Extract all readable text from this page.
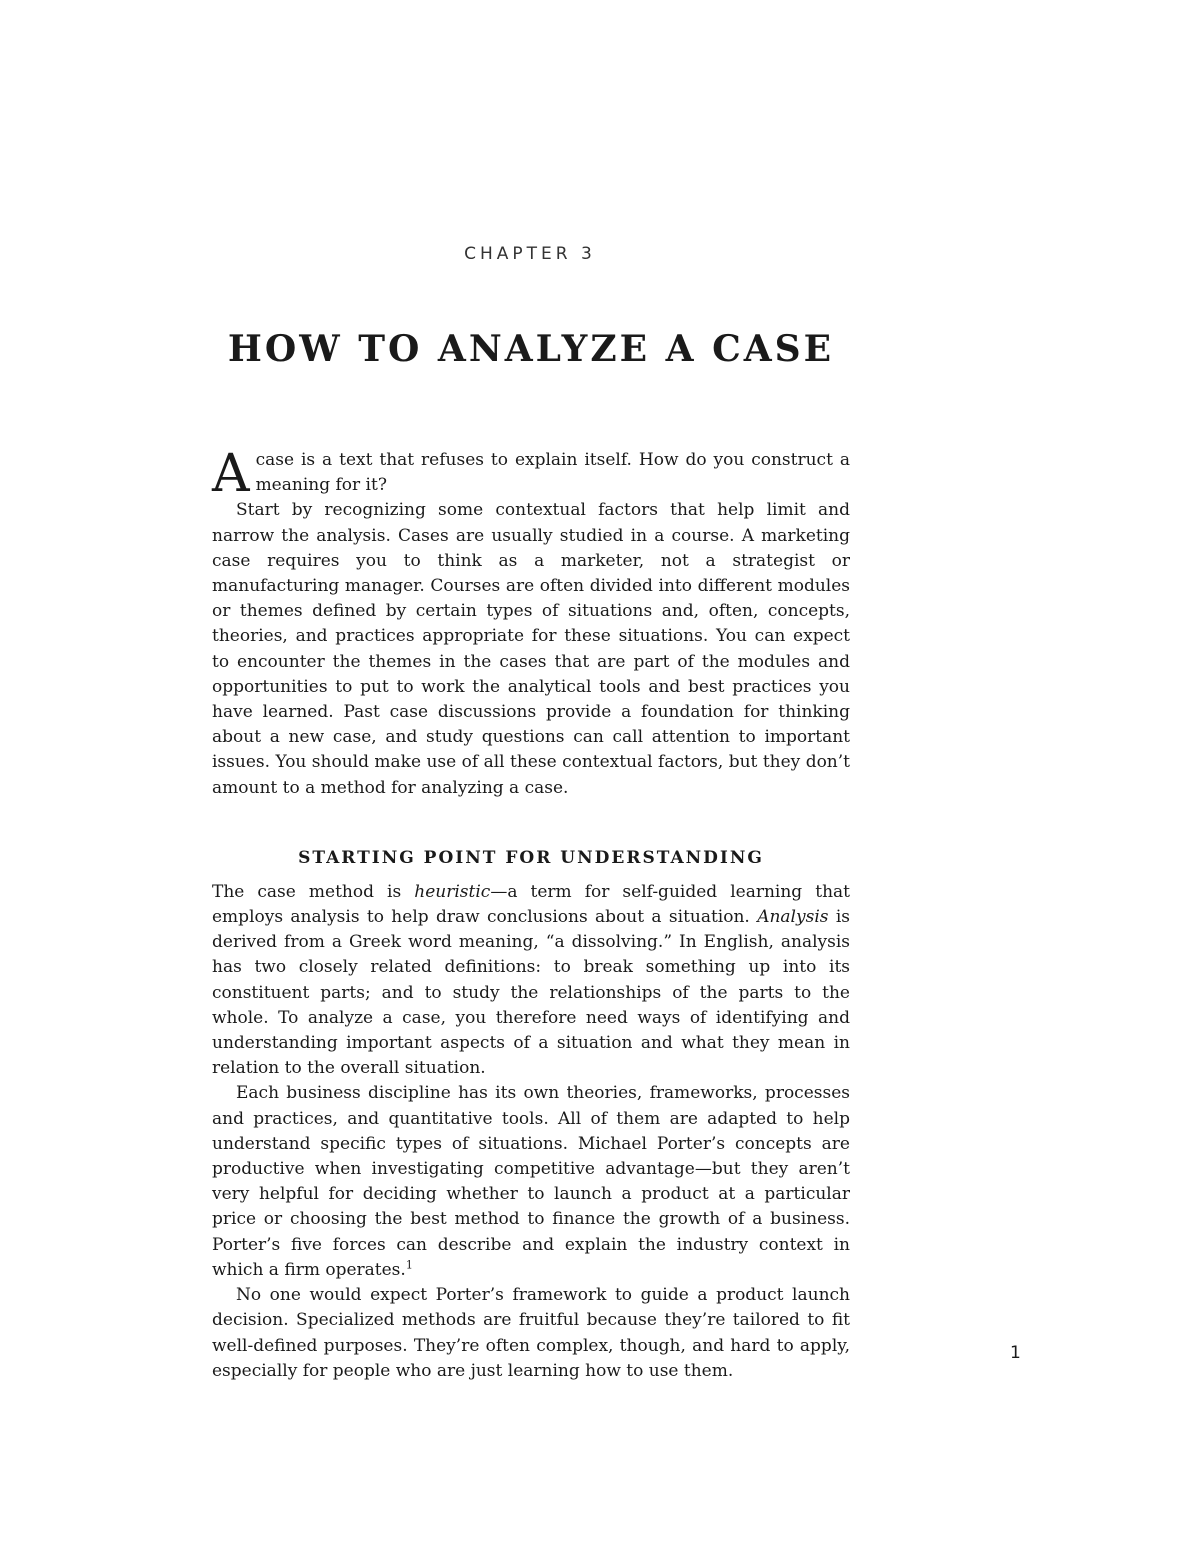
CHAPTER 3
HOW TO ANALYZE A CASE

Acase is a text that refuses to explain itself. How do you construct a meaning for it?

Start by recognizing some contextual factors that help limit and narrow the analysis. Cases are usually studied in a course. A marketing case requires you to think as a marketer, not a strategist or manufacturing manager. Courses are often divided into different modules or themes defined by certain types of situations and, often, concepts, theories, and practices appropriate for these situations. You can expect to encounter the themes in the cases that are part of the modules and opportunities to put to work the analytical tools and best practices you have learned. Past case discussions provide a foundation for thinking about a new case, and study questions can call attention to important issues. You should make use of all these contextual factors, but they don’t amount to a method for analyzing a case.

STARTING POINT FOR UNDERSTANDING

The case method is heuristic—a term for self-guided learning that employs analysis to help draw conclusions about a situation. Analysis is derived from a Greek word meaning, “a dissolving.” In English, analysis has two closely related definitions: to break something up into its constituent parts; and to study the relationships of the parts to the whole. To analyze a case, you therefore need ways of identifying and understanding important aspects of a situation and what they mean in relation to the overall situation.

Each business discipline has its own theories, frameworks, processes and practices, and quantitative tools. All of them are adapted to help understand specific types of situations. Michael Porter’s concepts are productive when investigating competitive advantage—but they aren’t very helpful for deciding whether to launch a product at a particular price or choosing the best method to finance the growth of a business. Porter’s five forces can describe and explain the industry context in which a firm operates.$^1$

No one would expect Porter’s framework to guide a product launch decision. Specialized methods are fruitful because they’re tailored to fit well-defined purposes. They’re often complex, though, and hard to apply, especially for people who are just learning how to use them.

1
